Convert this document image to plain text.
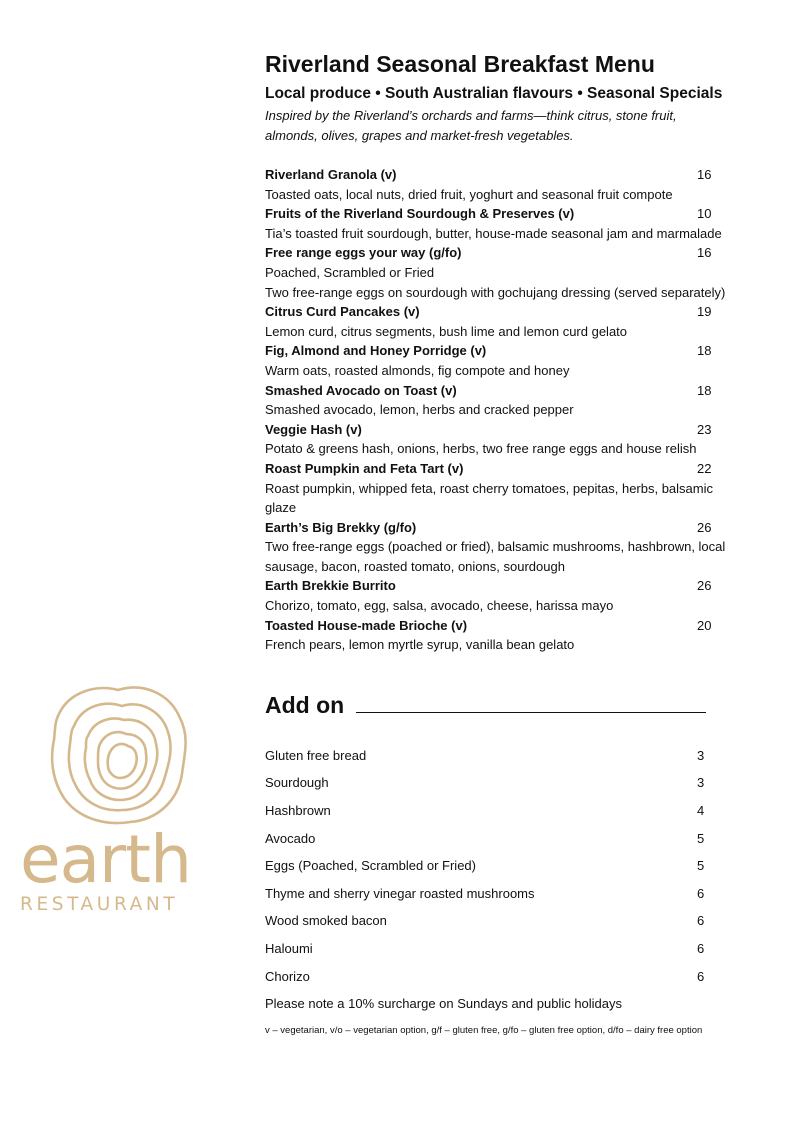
earth
RESTAURANT
Riverland Seasonal Breakfast Menu
Local produce • South Australian flavours • Seasonal Specials
Inspired by the Riverland’s orchards and farms—think citrus, stone fruit, almonds, olives, grapes and market-fresh vegetables.
Riverland Granola (v)	16
Toasted oats, local nuts, dried fruit, yoghurt and seasonal fruit compote
Fruits of the Riverland Sourdough & Preserves (v)	10
Tia’s toasted fruit sourdough, butter, house-made seasonal jam and marmalade
Free range eggs your way (g/fo)	16
Poached, Scrambled or Fried
Two free-range eggs on sourdough with gochujang dressing (served separately)
Citrus Curd Pancakes (v)	19
Lemon curd, citrus segments, bush lime and lemon curd gelato
Fig, Almond and Honey Porridge (v)	18
Warm oats, roasted almonds, fig compote and honey
Smashed Avocado on Toast (v)	18
Smashed avocado, lemon, herbs and cracked pepper
Veggie Hash (v)	23
Potato & greens hash, onions, herbs, two free range eggs and house relish
Roast Pumpkin and Feta Tart (v)	22
Roast pumpkin, whipped feta, roast cherry tomatoes, pepitas, herbs, balsamic glaze
Earth’s Big Brekky (g/fo)	26
Two free-range eggs (poached or fried), balsamic mushrooms, hashbrown, local sausage, bacon, roasted tomato, onions, sourdough
Earth Brekkie Burrito	26
Chorizo, tomato, egg, salsa, avocado, cheese, harissa mayo
Toasted House-made Brioche (v)	20
French pears, lemon myrtle syrup, vanilla bean gelato
Add on
Gluten free bread	3
Sourdough	3
Hashbrown	4
Avocado	5
Eggs (Poached, Scrambled or Fried)	5
Thyme and sherry vinegar roasted mushrooms	6
Wood smoked bacon	6
Haloumi	6
Chorizo	6
Please note a 10% surcharge on Sundays and public holidays
v – vegetarian, v/o – vegetarian option, g/f – gluten free, g/fo – gluten free option, d/fo – dairy free option
